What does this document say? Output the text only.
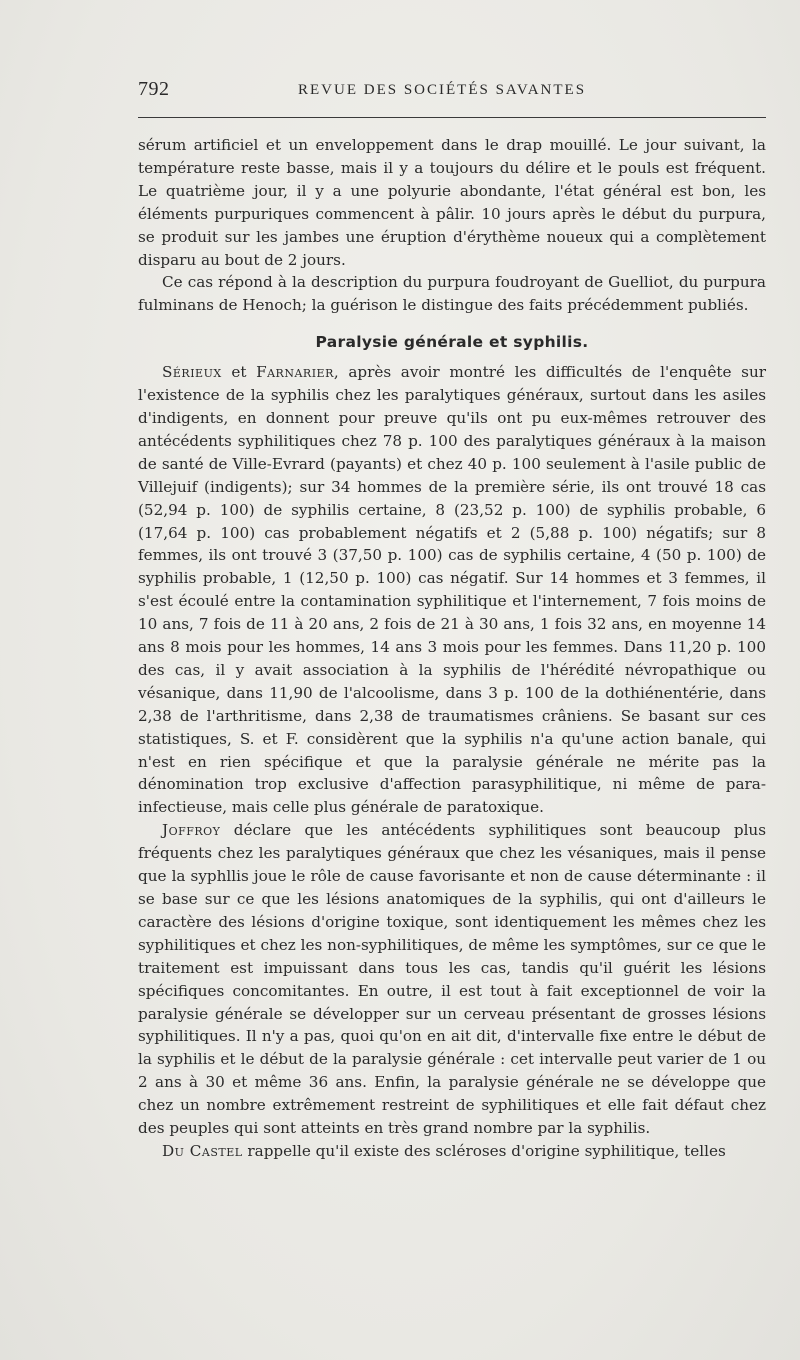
792	REVUE DES SOCIÉTÉS SAVANTES

sérum artificiel et un enveloppement dans le drap mouillé. Le jour suivant, la température reste basse, mais il y a toujours du délire et le pouls est fréquent. Le quatrième jour, il y a une polyurie abondante, l'état général est bon, les éléments purpuriques commencent à pâlir. 10 jours après le début du purpura, se produit sur les jambes une éruption d'érythème noueux qui a complètement disparu au bout de 2 jours.

Ce cas répond à la description du purpura foudroyant de Guelliot, du purpura fulminans de Henoch; la guérison le distingue des faits précédemment publiés.

Paralysie générale et syphilis.

Sérieux et Farnarier, après avoir montré les difficultés de l'enquête sur l'existence de la syphilis chez les paralytiques généraux, surtout dans les asiles d'indigents, en donnent pour preuve qu'ils ont pu eux-mêmes retrouver des antécédents syphilitiques chez 78 p. 100 des paralytiques généraux à la maison de santé de Ville-Evrard (payants) et chez 40 p. 100 seulement à l'asile public de Villejuif (indigents); sur 34 hommes de la première série, ils ont trouvé 18 cas (52,94 p. 100) de syphilis certaine, 8 (23,52 p. 100) de syphilis probable, 6 (17,64 p. 100) cas probablement négatifs et 2 (5,88 p. 100) négatifs; sur 8 femmes, ils ont trouvé 3 (37,50 p. 100) cas de syphilis certaine, 4 (50 p. 100) de syphilis probable, 1 (12,50 p. 100) cas négatif. Sur 14 hommes et 3 femmes, il s'est écoulé entre la contamination syphilitique et l'internement, 7 fois moins de 10 ans, 7 fois de 11 à 20 ans, 2 fois de 21 à 30 ans, 1 fois 32 ans, en moyenne 14 ans 8 mois pour les hommes, 14 ans 3 mois pour les femmes. Dans 11,20 p. 100 des cas, il y avait association à la syphilis de l'hérédité névropathique ou vésanique, dans 11,90 de l'alcoolisme, dans 3 p. 100 de la dothiénentérie, dans 2,38 de l'arthritisme, dans 2,38 de traumatismes crâniens. Se basant sur ces statistiques, S. et F. considèrent que la syphilis n'a qu'une action banale, qui n'est en rien spécifique et que la paralysie générale ne mérite pas la dénomination trop exclusive d'affection parasyphilitique, ni même de para-infectieuse, mais celle plus générale de paratoxique.

Joffroy déclare que les antécédents syphilitiques sont beaucoup plus fréquents chez les paralytiques généraux que chez les vésaniques, mais il pense que la syphllis joue le rôle de cause favorisante et non de cause déterminante : il se base sur ce que les lésions anatomiques de la syphilis, qui ont d'ailleurs le caractère des lésions d'origine toxique, sont identiquement les mêmes chez les syphilitiques et chez les non-syphilitiques, de même les symptômes, sur ce que le traitement est impuissant dans tous les cas, tandis qu'il guérit les lésions spécifiques concomitantes. En outre, il est tout à fait exceptionnel de voir la paralysie générale se développer sur un cerveau présentant de grosses lésions syphilitiques. Il n'y a pas, quoi qu'on en ait dit, d'intervalle fixe entre le début de la syphilis et le début de la paralysie générale : cet intervalle peut varier de 1 ou 2 ans à 30 et même 36 ans. Enfin, la paralysie générale ne se développe que chez un nombre extrêmement restreint de syphilitiques et elle fait défaut chez des peuples qui sont atteints en très grand nombre par la syphilis.

Du Castel rappelle qu'il existe des scléroses d'origine syphilitique, telles
